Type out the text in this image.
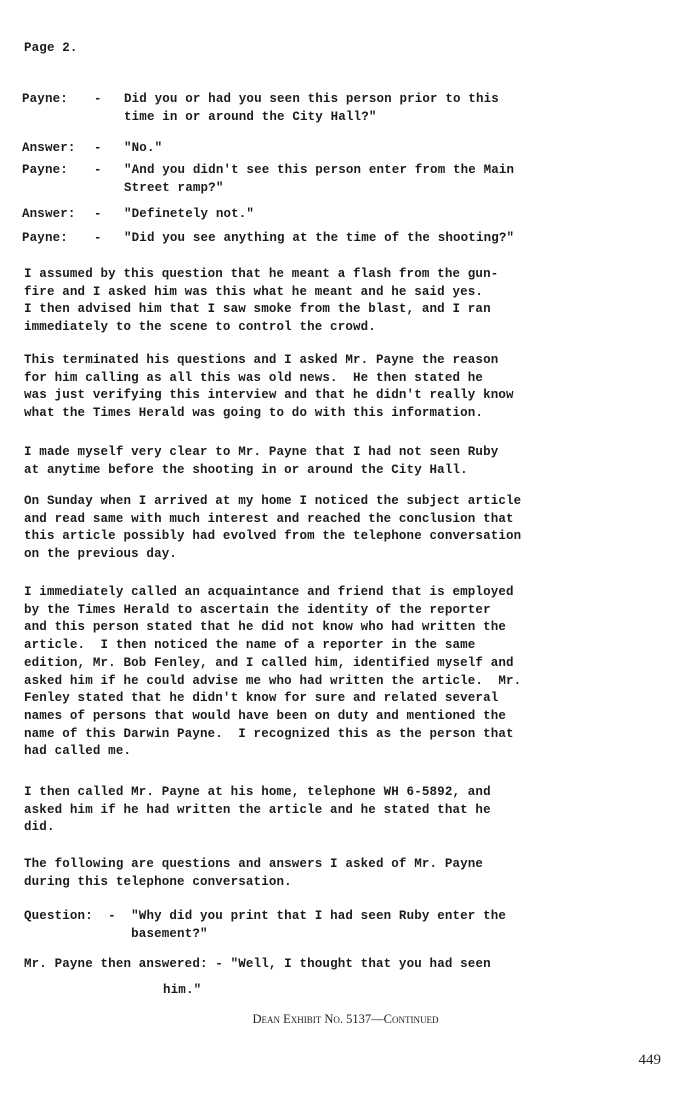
Page 2.
Payne: - Did you or had you seen this person prior to this
time in or around the City Hall?"
Answer: - "No."
Payne: - "And you didn't see this person enter from the Main
Street ramp?"
Answer: - "Definetely not."
Payne: - "Did you see anything at the time of the shooting?"
I assumed by this question that he meant a flash from the gun-
fire and I asked him was this what he meant and he said yes.
I then advised him that I saw smoke from the blast, and I ran
immediately to the scene to control the crowd.
This terminated his questions and I asked Mr. Payne the reason
for him calling as all this was old news.  He then stated he
was just verifying this interview and that he didn't really know
what the Times Herald was going to do with this information.
I made myself very clear to Mr. Payne that I had not seen Ruby
at anytime before the shooting in or around the City Hall.
On Sunday when I arrived at my home I noticed the subject article
and read same with much interest and reached the conclusion that
this article possibly had evolved from the telephone conversation
on the previous day.
I immediately called an acquaintance and friend that is employed
by the Times Herald to ascertain the identity of the reporter
and this person stated that he did not know who had written the
article.  I then noticed the name of a reporter in the same
edition, Mr. Bob Fenley, and I called him, identified myself and
asked him if he could advise me who had written the article.  Mr.
Fenley stated that he didn't know for sure and related several
names of persons that would have been on duty and mentioned the
name of this Darwin Payne.  I recognized this as the person that
had called me.
I then called Mr. Payne at his home, telephone WH 6-5892, and
asked him if he had written the article and he stated that he
did.
The following are questions and answers I asked of Mr. Payne
during this telephone conversation.
Question:  -  "Why did you print that I had seen Ruby enter the
basement?"
Mr. Payne then answered: - "Well, I thought that you had seen
him."
Dean Exhibit No. 5137—Continued
449
